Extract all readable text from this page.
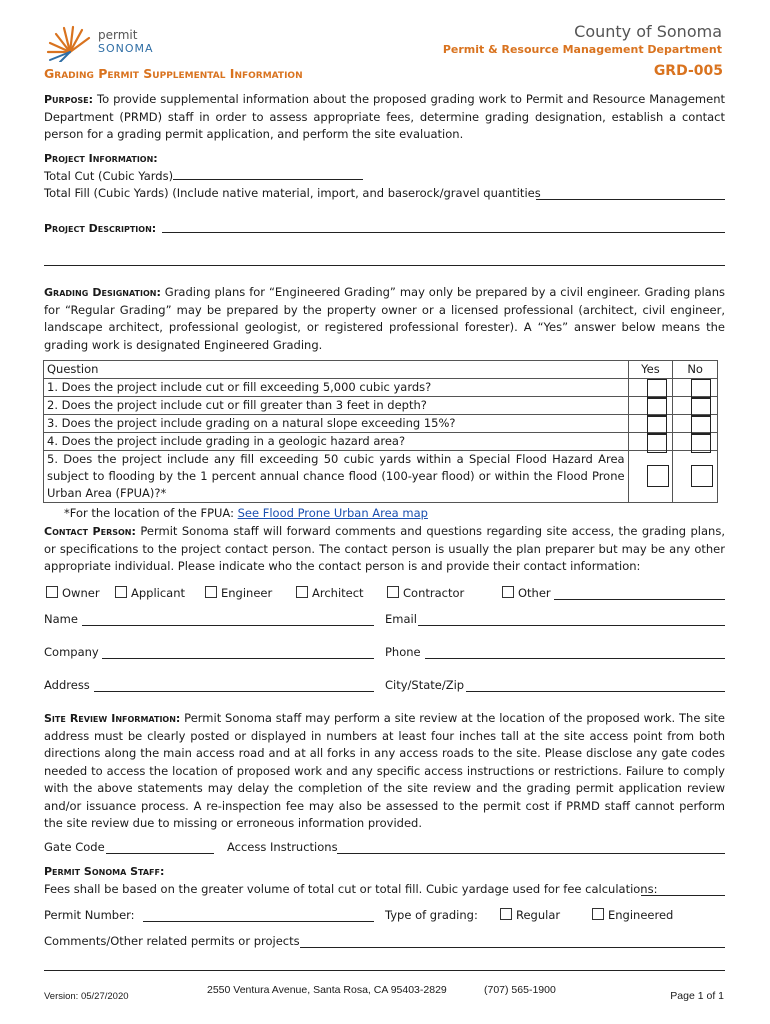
permit
SONOMA
County of Sonoma
Permit & Resource Management Department
Grading Permit Supplemental Information	GRD-005
Purpose: To provide supplemental information about the proposed grading work to Permit and Resource Management Department (PRMD) staff in order to assess appropriate fees, determine grading designation, establish a contact person for a grading permit application, and perform the site evaluation.
Project Information:
Total Cut (Cubic Yards)
Total Fill (Cubic Yards) (Include native material, import, and baserock/gravel quantities
Project Description:
Grading Designation: Grading plans for “Engineered Grading” may only be prepared by a civil engineer. Grading plans for “Regular Grading” may be prepared by the property owner or a licensed professional (architect, civil engineer, landscape architect, professional geologist, or registered professional forester). A “Yes” answer below means the grading work is designated Engineered Grading.
Question	Yes	No
1. Does the project include cut or fill exceeding 5,000 cubic yards?		
2. Does the project include cut or fill greater than 3 feet in depth?		
3. Does the project include grading on a natural slope exceeding 15%?		
4. Does the project include grading in a geologic hazard area?		
5. Does the project include any fill exceeding 50 cubic yards within a Special Flood Hazard Area subject to flooding by the 1 percent annual chance flood (100-year flood) or within the Flood Prone Urban Area (FPUA)?*		
*For the location of the FPUA: See Flood Prone Urban Area map
Contact Person: Permit Sonoma staff will forward comments and questions regarding site access, the grading plans, or specifications to the project contact person. The contact person is usually the plan preparer but may be any other appropriate individual. Please indicate who the contact person is and provide their contact information:
Owner	Applicant	Engineer	Architect	Contractor	Other
Name	Email
Company	Phone
Address	City/State/Zip
Site Review Information: Permit Sonoma staff may perform a site review at the location of the proposed work. The site address must be clearly posted or displayed in numbers at least four inches tall at the site access point from both directions along the main access road and at all forks in any access roads to the site. Please disclose any gate codes needed to access the location of proposed work and any specific access instructions or restrictions. Failure to comply with the above statements may delay the completion of the site review and the grading permit application review and/or issuance process. A re-inspection fee may also be assessed to the permit cost if PRMD staff cannot perform the site review due to missing or erroneous information provided.
Gate Code	Access Instructions
Permit Sonoma Staff:
Fees shall be based on the greater volume of total cut or total fill. Cubic yardage used for fee calculations:
Permit Number:	Type of grading:	Regular	Engineered
Comments/Other related permits or projects
Version: 05/27/2020
2550 Ventura Avenue, Santa Rosa, CA 95403-2829	(707) 565-1900	Page 1 of 1
